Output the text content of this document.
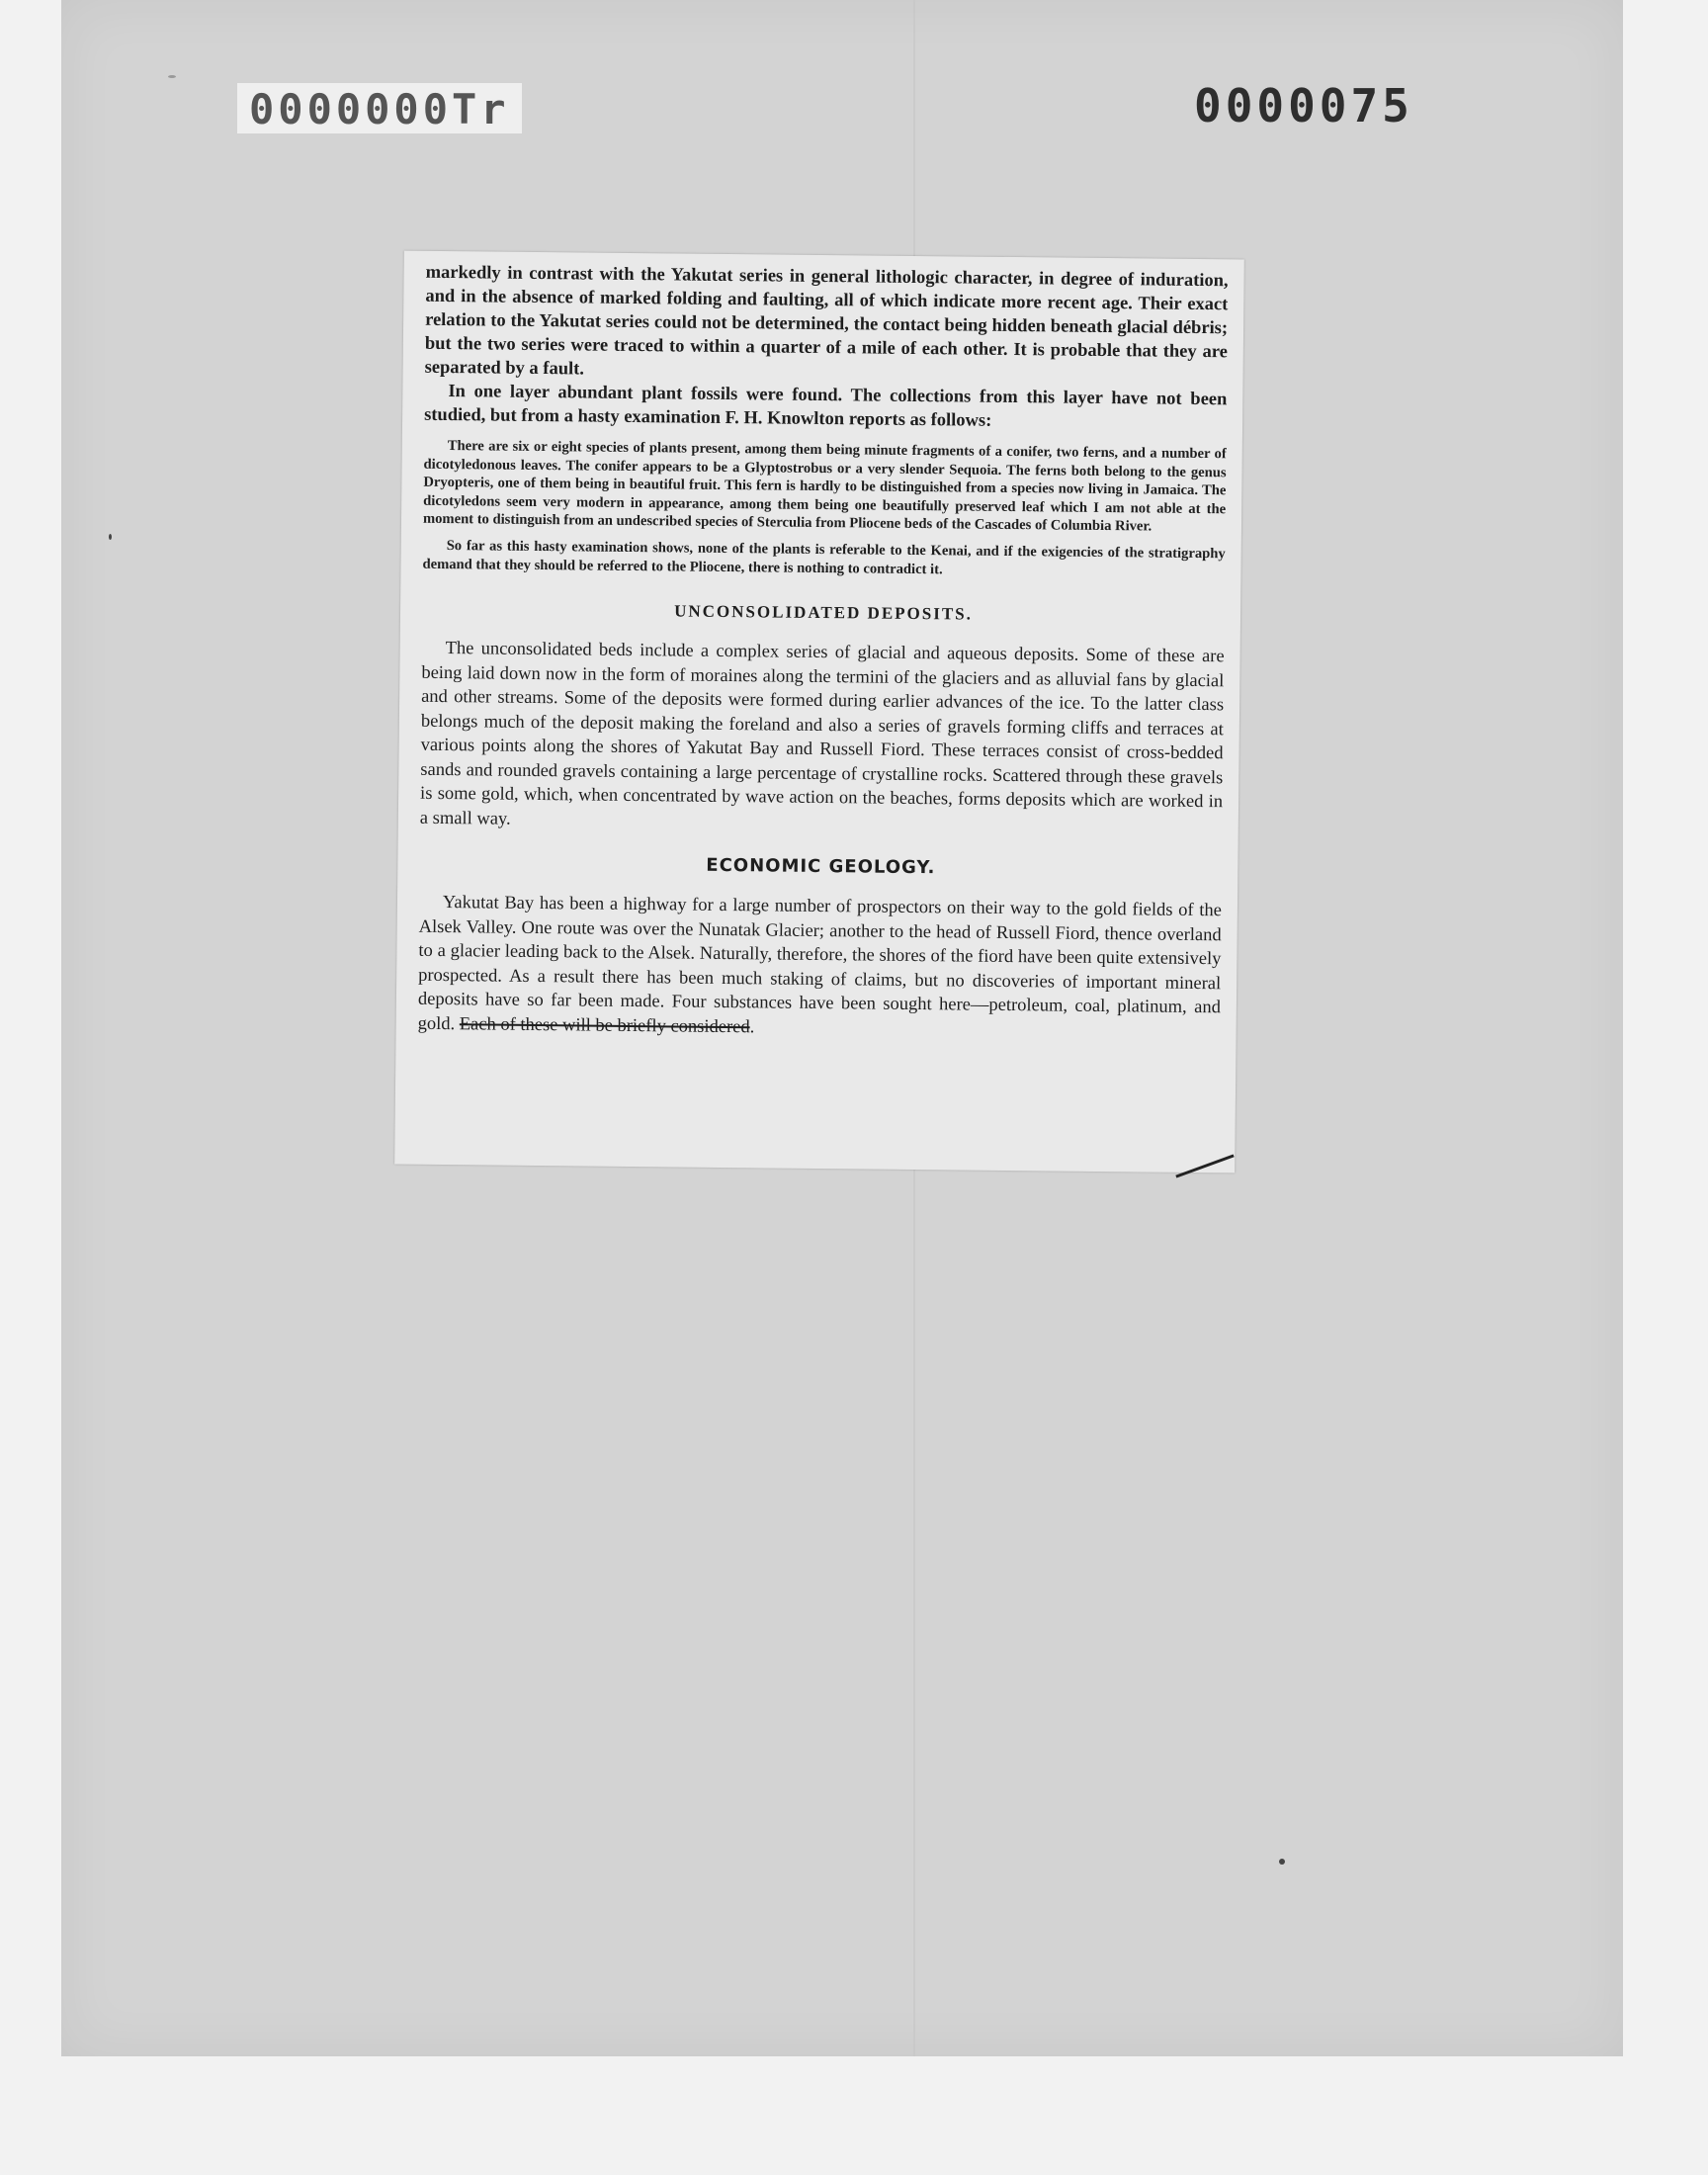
0000000Tr	0000075

markedly in contrast with the Yakutat series in general lithologic character, in degree of induration, and in the absence of marked folding and faulting, all of which indicate more recent age. Their exact relation to the Yakutat series could not be determined, the contact being hidden beneath glacial débris; but the two series were traced to within a quarter of a mile of each other. It is probable that they are separated by a fault.

In one layer abundant plant fossils were found. The collections from this layer have not been studied, but from a hasty examination F. H. Knowlton reports as follows:

There are six or eight species of plants present, among them being minute fragments of a conifer, two ferns, and a number of dicotyledonous leaves. The conifer appears to be a Glyptostrobus or a very slender Sequoia. The ferns both belong to the genus Dryopteris, one of them being in beautiful fruit. This fern is hardly to be distinguished from a species now living in Jamaica. The dicotyledons seem very modern in appearance, among them being one beautifully preserved leaf which I am not able at the moment to distinguish from an undescribed species of Sterculia from Pliocene beds of the Cascades of Columbia River.

So far as this hasty examination shows, none of the plants is referable to the Kenai, and if the exigencies of the stratigraphy demand that they should be referred to the Pliocene, there is nothing to contradict it.

UNCONSOLIDATED DEPOSITS.

The unconsolidated beds include a complex series of glacial and aqueous deposits. Some of these are being laid down now in the form of moraines along the termini of the glaciers and as alluvial fans by glacial and other streams. Some of the deposits were formed during earlier advances of the ice. To the latter class belongs much of the deposit making the foreland and also a series of gravels forming cliffs and terraces at various points along the shores of Yakutat Bay and Russell Fiord. These terraces consist of cross-bedded sands and rounded gravels containing a large percentage of crystalline rocks. Scattered through these gravels is some gold, which, when concentrated by wave action on the beaches, forms deposits which are worked in a small way.

ECONOMIC GEOLOGY.

Yakutat Bay has been a highway for a large number of prospectors on their way to the gold fields of the Alsek Valley. One route was over the Nunatak Glacier; another to the head of Russell Fiord, thence overland to a glacier leading back to the Alsek. Naturally, therefore, the shores of the fiord have been quite extensively prospected. As a result there has been much staking of claims, but no discoveries of important mineral deposits have so far been made. Four substances have been sought here—petroleum, coal, platinum, and gold. Each of these will be briefly considered.
